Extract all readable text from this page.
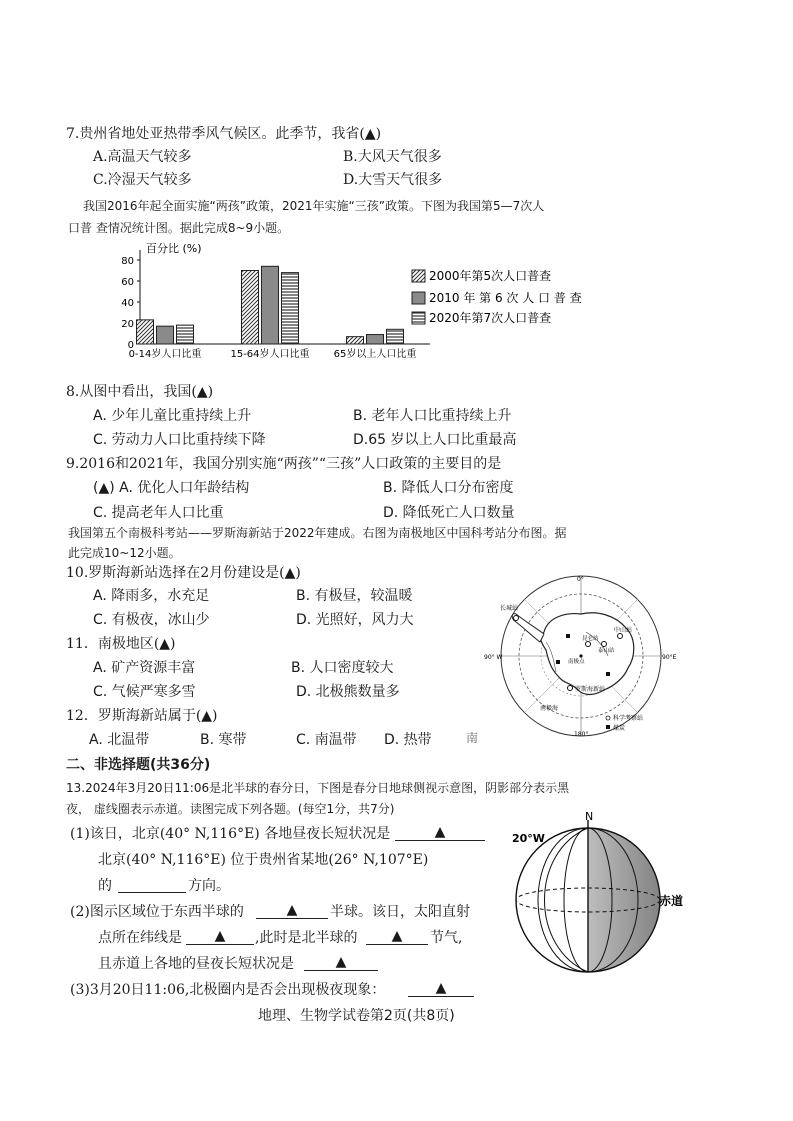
7.贵州省地处亚热带季风气候区。此季节，我省(▲)
A.高温天气较多	B.大风天气很多
C.冷湿天气较多	D.大雪天气很多
我国2016年起全面实施“两孩”政策，2021年实施“三孩”政策。下图为我国第5—7次人
口普 查情况统计图。据此完成8~9小题。
百分比 (%)
0
20
40
60
80
0-14岁人口比重	15-64岁人口比重 65岁以上人口比重
2000年第5次人口普查
2010 年 第 6 次 人 口 普 查
2020年第7次人口普查
8.从图中看出，我国(▲)
A. 少年儿童比重持续上升	B. 老年人口比重持续上升
C. 劳动力人口比重持续下降	D.65 岁以上人口比重最高
9.2016和2021年，我国分别实施“两孩”“三孩”人口政策的主要目的是
(▲) A. 优化人口年龄结构	B. 降低人口分布密度
C. 提高老年人口比重	D. 降低死亡人口数量
我国第五个南极科考站——罗斯海新站于2022年建成。右图为南极地区中国科考站分布图。据
此完成10~12小题。
10.罗斯海新站选择在2月份建设是(▲)
A. 降雨多，水充足	B. 有极昼，较温暖
C. 有极夜，冰山少	D. 光照好，风力大
11．南极地区(▲)
A. 矿产资源丰富	B. 人口密度较大
C. 气候严寒多雪	D. 北极熊数量多
12．罗斯海新站属于(▲)
A. 北温带	B. 寒带	C. 南温带 D. 热带	南
0°
180°
90° W	90°E
长城站
昆仑站
泰山站
中山站
南极点
罗斯海新站
南极海
科学考察站
煤炭
二、非选择题(共36分)
13.2024年3月20日11:06是北半球的春分日，下图是春分日地球侧视示意图，阴影部分表示黑
夜， 虚线圈表示赤道。读图完成下列各题。(每空1分，共7分)
(1)该日，北京(40° N,116°E) 各地昼夜长短状况是	▲
北京(40° N,116°E) 位于贵州省某地(26° N,107°E)
的	方向。
(2)图示区域位于东西半球的	▲	半球。该日，太阳直射
点所在纬线是	▲	,此时是北半球的	▲	节气,
且赤道上各地的昼夜长短状况是	▲
(3)3月20日11:06,北极圈内是否会出现极夜现象：	▲
N
20°W
赤道
地理、生物学试卷第2页(共8页)
